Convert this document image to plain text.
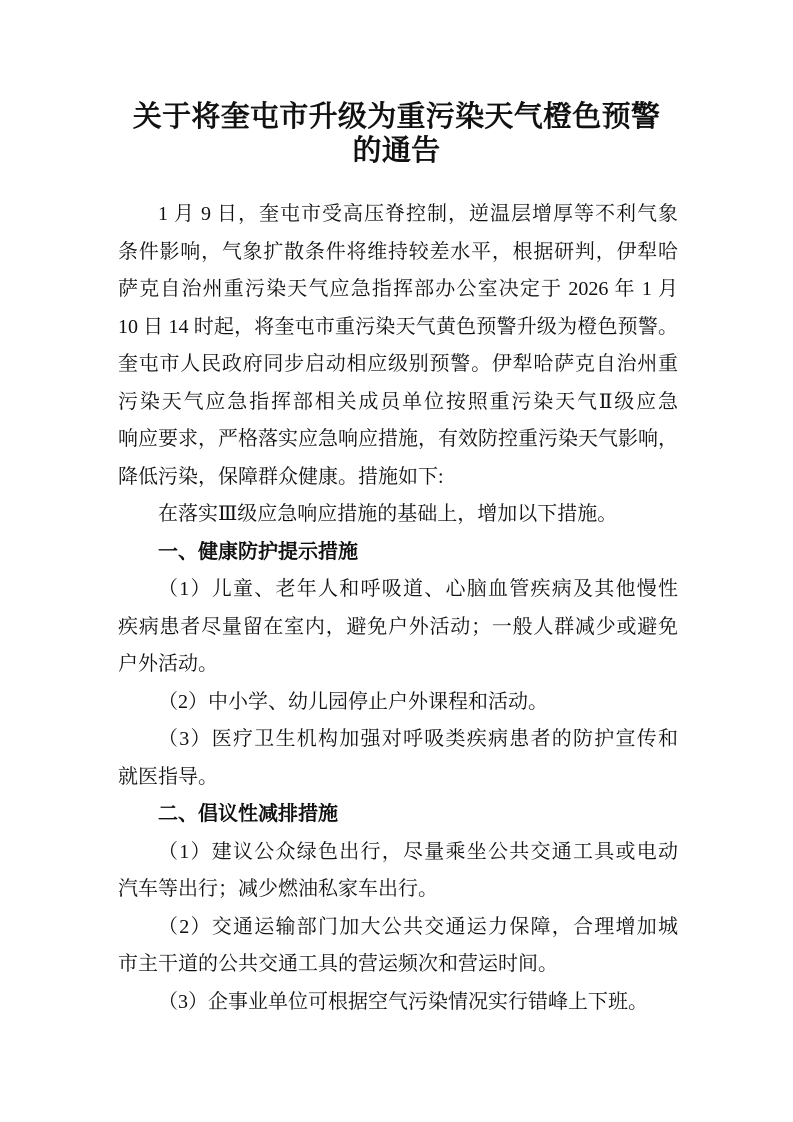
关于将奎屯市升级为重污染天气橙色预警
的通告
1 月 9 日，奎屯市受高压脊控制，逆温层增厚等不利气象
条件影响，气象扩散条件将维持较差水平，根据研判，伊犁哈
萨克自治州重污染天气应急指挥部办公室决定于 2026 年 1 月
10 日 14 时起，将奎屯市重污染天气黄色预警升级为橙色预警。
奎屯市人民政府同步启动相应级别预警。伊犁哈萨克自治州重
污染天气应急指挥部相关成员单位按照重污染天气Ⅱ级应急
响应要求，严格落实应急响应措施，有效防控重污染天气影响，
降低污染，保障群众健康。措施如下:
在落实Ⅲ级应急响应措施的基础上，增加以下措施。
一、健康防护提示措施
（1）儿童、老年人和呼吸道、心脑血管疾病及其他慢性
疾病患者尽量留在室内，避免户外活动；一般人群减少或避免
户外活动。
（2）中小学、幼儿园停止户外课程和活动。
（3）医疗卫生机构加强对呼吸类疾病患者的防护宣传和
就医指导。
二、倡议性减排措施
（1）建议公众绿色出行，尽量乘坐公共交通工具或电动
汽车等出行；减少燃油私家车出行。
（2）交通运输部门加大公共交通运力保障，合理增加城
市主干道的公共交通工具的营运频次和营运时间。
（3）企事业单位可根据空气污染情况实行错峰上下班。
